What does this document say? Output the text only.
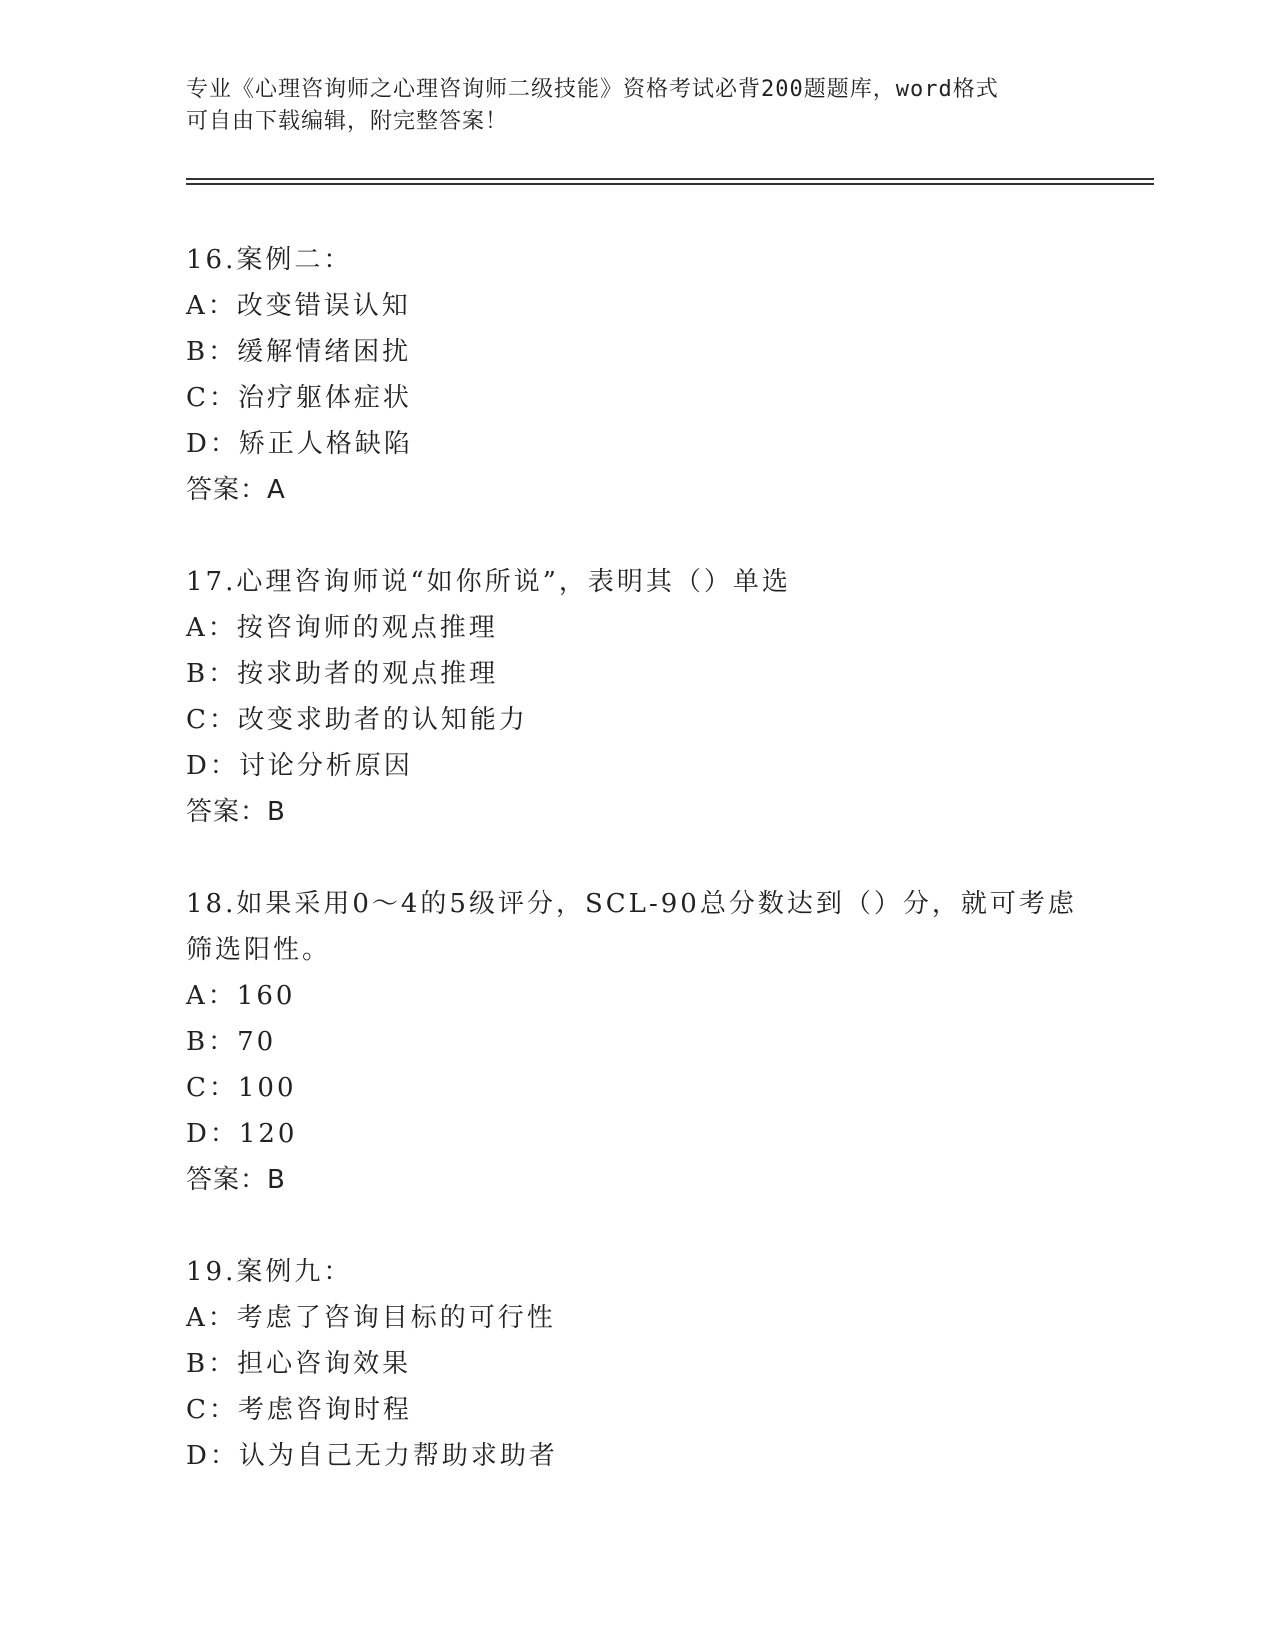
专业《心理咨询师之心理咨询师二级技能》资格考试必背200题题库，word格式
可自由下载编辑，附完整答案！
16.案例二：
A：改变错误认知
B：缓解情绪困扰
C：治疗躯体症状
D：矫正人格缺陷
答案：A
17.心理咨询师说“如你所说”，表明其（）单选
A：按咨询师的观点推理
B：按求助者的观点推理
C：改变求助者的认知能力
D：讨论分析原因
答案：B
18.如果采用0～4的5级评分，SCL-90总分数达到（）分，就可考虑
筛选阳性。
A：160
B：70
C：100
D：120
答案：B
19.案例九：
A：考虑了咨询目标的可行性
B：担心咨询效果
C：考虑咨询时程
D：认为自己无力帮助求助者
